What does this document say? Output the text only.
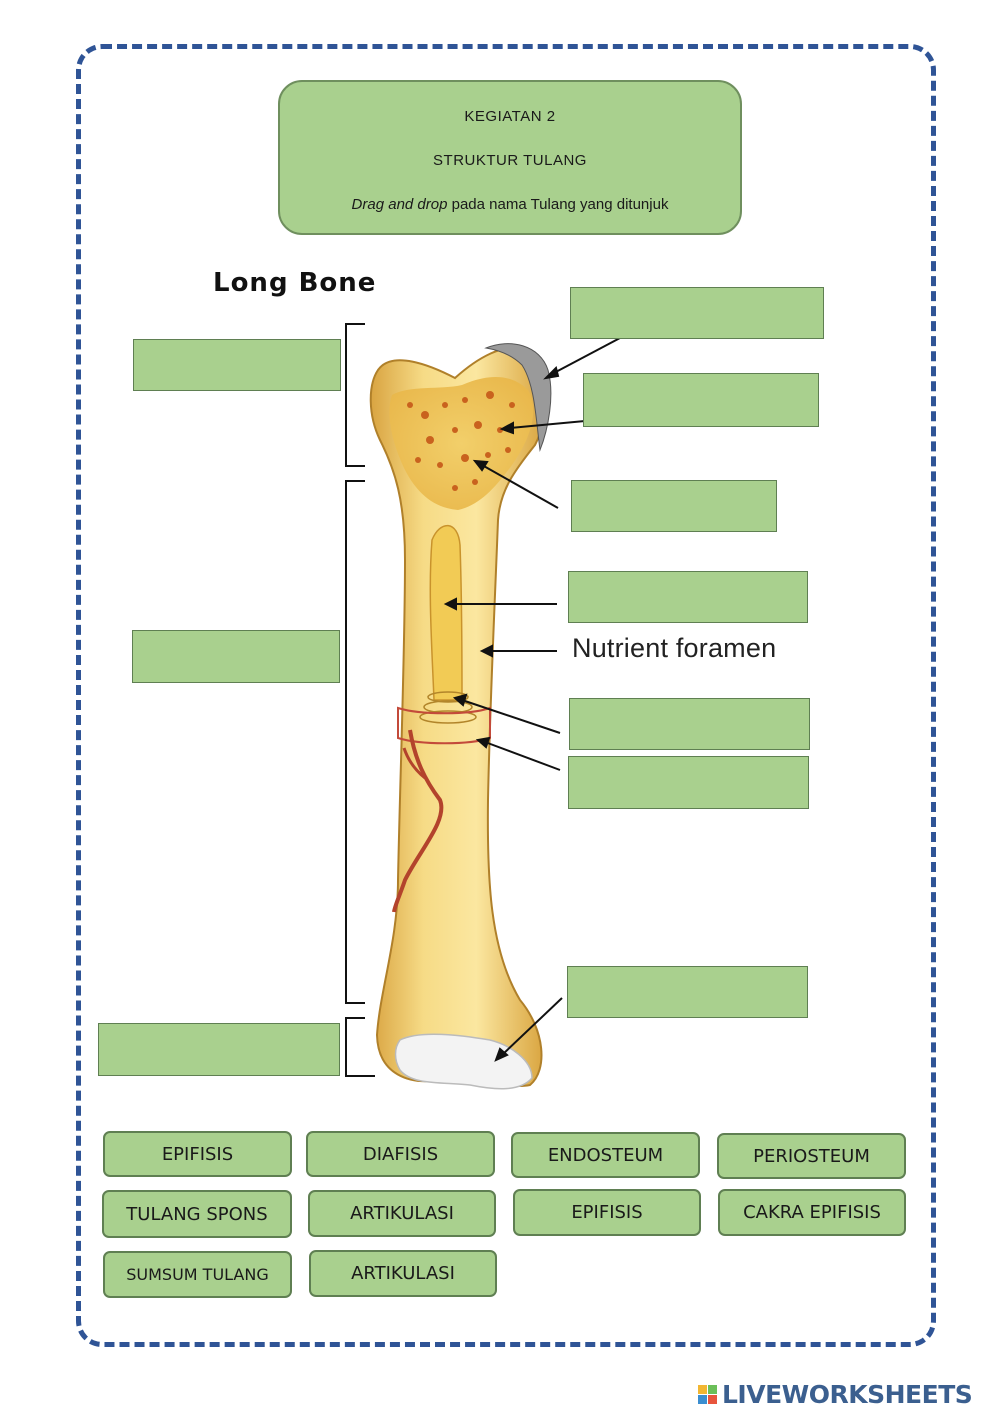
KEGIATAN 2
STRUKTUR TULANG
Drag and drop pada nama Tulang yang ditunjuk
Long Bone
Nutrient foramen
EPIFISIS	DIAFISIS	ENDOSTEUM	PERIOSTEUM
TULANG SPONS	ARTIKULASI	EPIFISIS	CAKRA EPIFISIS
SUMSUM TULANG	ARTIKULASI
LIVEWORKSHEETS
